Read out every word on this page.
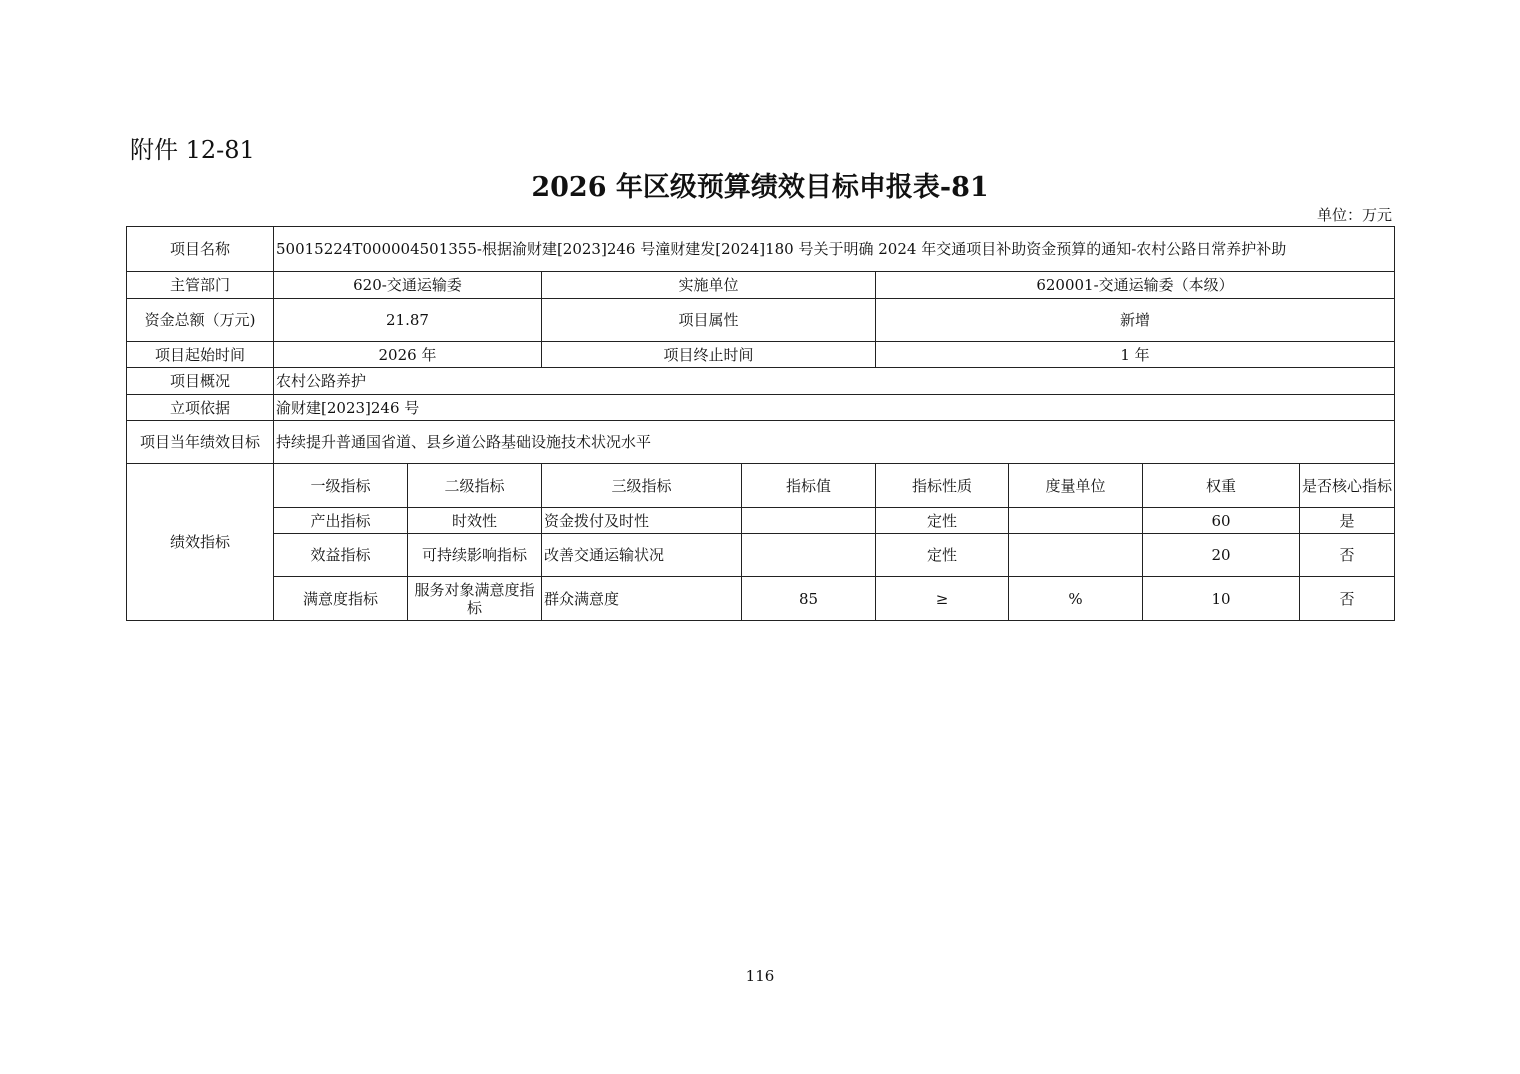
附件 12-81
2026 年区级预算绩效目标申报表-81
单位：万元
项目名称	50015224T000004501355-根据渝财建[2023]246 号潼财建发[2024]180 号关于明确 2024 年交通项目补助资金预算的通知-农村公路日常养护补助							
主管部门	620-交通运输委		实施单位		620001-交通运输委（本级）			
资金总额（万元)	21.87		项目属性		新增			
项目起始时间	2026 年		项目终止时间		1 年			
项目概况	农村公路养护							
立项依据	渝财建[2023]246 号							
项目当年绩效目标	持续提升普通国省道、县乡道公路基础设施技术状况水平							
绩效指标	一级指标	二级指标	三级指标	指标值	指标性质	度量单位	权重	是否核心指标
	产出指标	时效性	资金拨付及时性		定性		60	是
	效益指标	可持续影响指标	改善交通运输状况		定性		20	否
	满意度指标	服务对象满意度指标	群众满意度	85	≥	%	10	否
116
